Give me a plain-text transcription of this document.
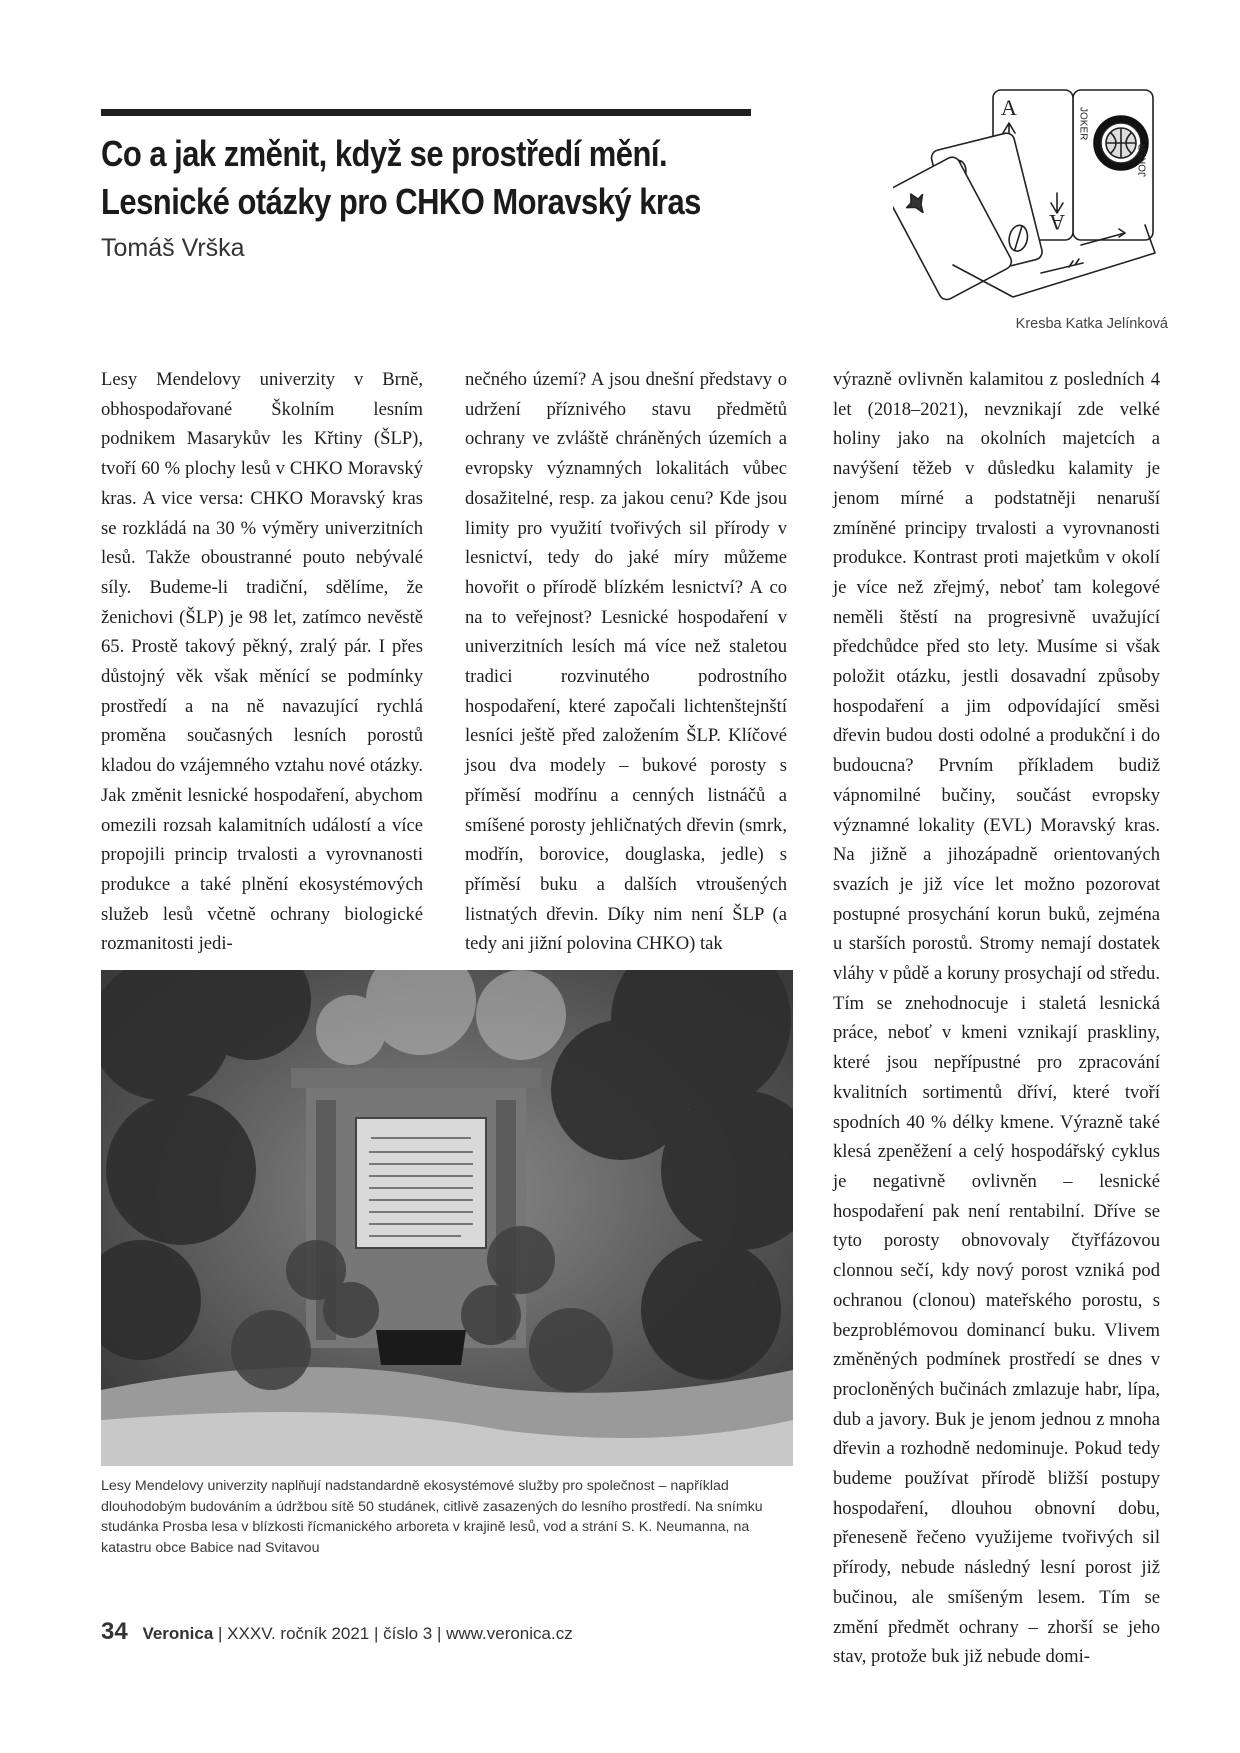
Co a jak změnit, když se prostředí mění.
Lesnické otázky pro CHKO Moravský kras
Tomáš Vrška
JOKER
JOKER
A
A
Kresba Katka Jelínková

Lesy Mendelovy univerzity v Brně, obhospodařované Školním lesním podnikem Masarykův les Křtiny (ŠLP), tvoří 60 % plochy lesů v CHKO Moravský kras. A vice versa: CHKO Moravský kras se rozkládá na 30 % výměry univerzitních lesů. Takže oboustranné pouto nebývalé síly. Budeme-li tradiční, sdělíme, že ženichovi (ŠLP) je 98 let, zatímco nevěstě 65. Prostě takový pěkný, zralý pár. I přes důstojný věk však měnící se podmínky prostředí a na ně navazující rychlá proměna současných lesních porostů kladou do vzájemného vztahu nové otázky. Jak změnit lesnické hospodaření, abychom omezili rozsah kalamitních událostí a více propojili princip trvalosti a vyrovnanosti produkce a také plnění ekosystémových služeb lesů včetně ochrany biologické rozmanitosti jedi-

nečného území? A jsou dnešní představy o udržení příznivého stavu předmětů ochrany ve zvláště chráněných územích a evropsky významných lokalitách vůbec dosažitelné, resp. za jakou cenu? Kde jsou limity pro využití tvořivých sil přírody v lesnictví, tedy do jaké míry můžeme hovořit o přírodě blízkém lesnictví? A co na to veřejnost? Lesnické hospodaření v univerzitních lesích má více než staletou tradici rozvinutého podrostního hospodaření, které započali lichtenštejnští lesníci ještě před založením ŠLP. Klíčové jsou dva modely – bukové porosty s příměsí modřínu a cenných listnáčů a smíšené porosty jehličnatých dřevin (smrk, modřín, borovice, douglaska, jedle) s příměsí buku a dalších vtroušených listnatých dřevin. Díky nim není ŠLP (a tedy ani jižní polovina CHKO) tak

výrazně ovlivněn kalamitou z posledních 4 let (2018–2021), nevznikají zde velké holiny jako na okolních majetcích a navýšení těžeb v důsledku kalamity je jenom mírné a podstatněji nenaruší zmíněné principy trvalosti a vyrovnanosti produkce. Kontrast proti majetkům v okolí je více než zřejmý, neboť tam kolegové neměli štěstí na progresivně uvažující předchůdce před sto lety. Musíme si však položit otázku, jestli dosavadní způsoby hospodaření a jim odpovídající směsi dřevin budou dosti odolné a produkční i do budoucna? Prvním příkladem budiž vápnomilné bučiny, součást evropsky významné lokality (EVL) Moravský kras. Na jižně a jihozápadně orientovaných svazích je již více let možno pozorovat postupné prosychání korun buků, zejména u starších porostů. Stromy nemají dostatek vláhy v půdě a koruny prosychají od středu. Tím se znehodnocuje i staletá lesnická práce, neboť v kmeni vznikají praskliny, které jsou nepřípustné pro zpracování kvalitních sortimentů dříví, které tvoří spodních 40 % délky kmene. Výrazně také klesá zpeněžení a celý hospodářský cyklus je negativně ovlivněn – lesnické hospodaření pak není rentabilní. Dříve se tyto porosty obnovovaly čtyřfázovou clonnou sečí, kdy nový porost vzniká pod ochranou (clonou) mateřského porostu, s bezproblémovou dominancí buku. Vlivem změněných podmínek prostředí se dnes v procloněných bučinách zmlazuje habr, lípa, dub a javory. Buk je jenom jednou z mnoha dřevin a rozhodně nedominuje. Pokud tedy budeme používat přírodě bližší postupy hospodaření, dlouhou obnovní dobu, přeneseně řečeno využijeme tvořivých sil přírody, nebude následný lesní porost již bučinou, ale smíšeným lesem. Tím se změní předmět ochrany – zhorší se jeho stav, protože buk již nebude domi-

Lesy Mendelovy univerzity naplňují nadstandardně ekosystémové služby pro společnost – například dlouhodobým budováním a údržbou sítě 50 studánek, citlivě zasazených do lesního prostředí. Na snímku studánka Prosba lesa v blízkosti řícmanického arboreta v krajině lesů, vod a strání S. K. Neumanna, na katastru obce Babice nad Svitavou

34 Veronica | XXXV. ročník 2021 | číslo 3 | www.veronica.cz
